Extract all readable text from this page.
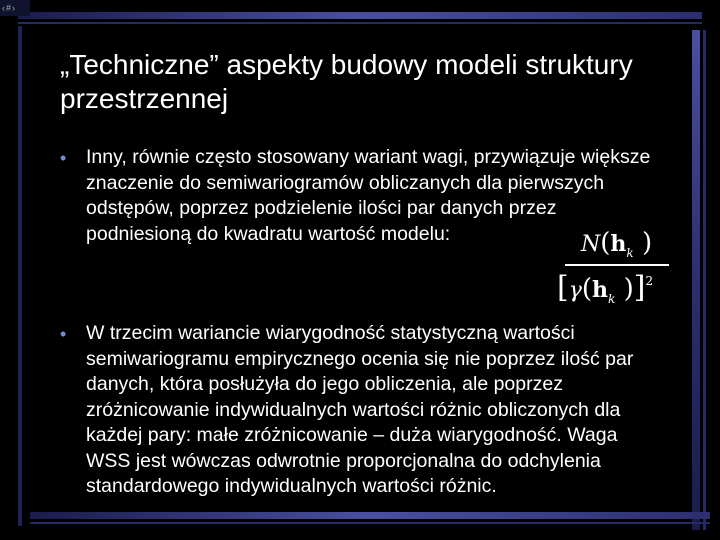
‹#›
„Techniczne” aspekty budowy modeli struktury przestrzennej
• Inny, równie często stosowany wariant wagi, przywiązuje większe znaczenie do semiwariogramów obliczanych dla pierwszych odstępów, poprzez podzielenie ilości par danych przez podniesioną do kwadratu wartość modelu:
• W trzecim wariancie wiarygodność statystyczną wartości semiwariogramu empirycznego ocenia się nie poprzez ilość par danych, która posłużyła do jego obliczenia, ale poprzez zróżnicowanie indywidualnych wartości różnic obliczonych dla każdej pary: małe zróżnicowanie – duża wiarygodność. Waga WSS jest wówczas odwrotnie proporcjonalna do odchylenia standardowego indywidualnych wartości różnic.
$N(h_k$ )
[$\gamma(h_k$ )]$^2$
